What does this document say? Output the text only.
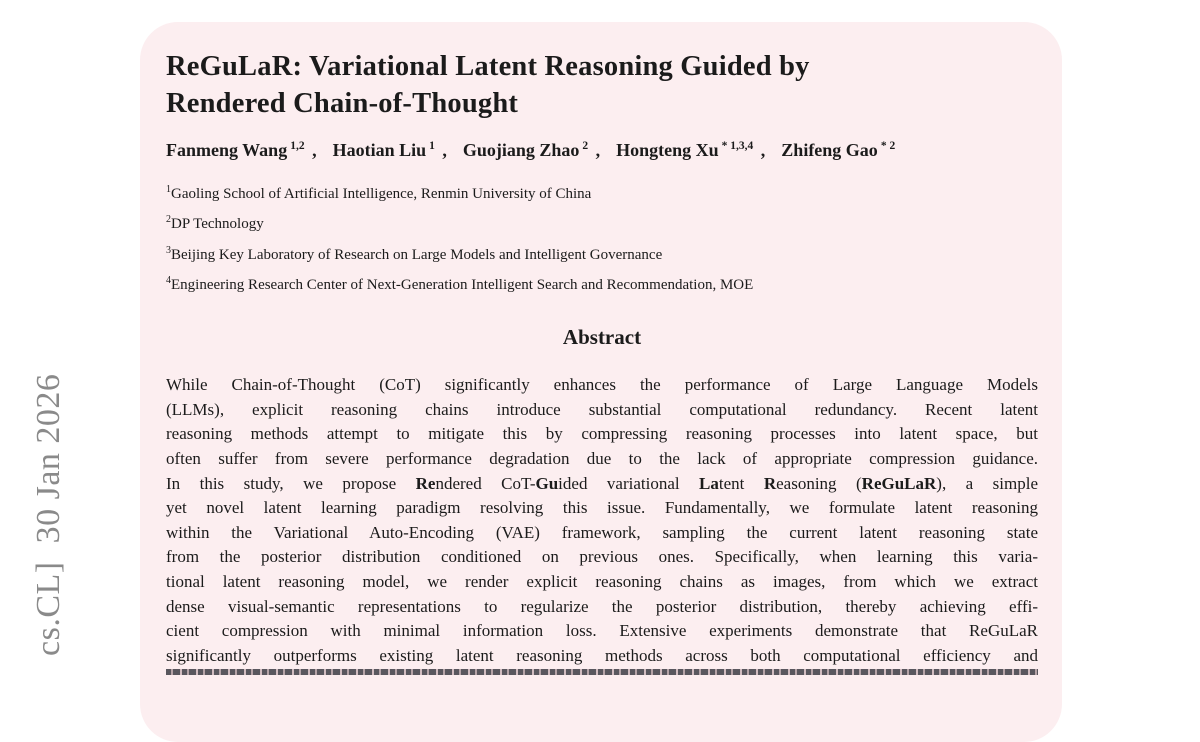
cs.CL]  30 Jan 2026
ReGuLaR: Variational Latent Reasoning Guided by
Rendered Chain-of-Thought
Fanmeng Wang $^{1,2}$ , Haotian Liu $^1$ , Guojiang Zhao $^2$ , Hongteng Xu $^{* 1,3,4}$ , Zhifeng Gao $^{* 2}$
$^1$Gaoling School of Artificial Intelligence, Renmin University of China
$^2$DP Technology
$^3$Beijing Key Laboratory of Research on Large Models and Intelligent Governance
$^4$Engineering Research Center of Next-Generation Intelligent Search and Recommendation, MOE
Abstract
While Chain-of-Thought (CoT) significantly enhances the performance of Large Language Models
(LLMs), explicit reasoning chains introduce substantial computational redundancy. Recent latent
reasoning methods attempt to mitigate this by compressing reasoning processes into latent space, but
often suffer from severe performance degradation due to the lack of appropriate compression guidance.
In this study, we propose Rendered CoT-Guided variational Latent Reasoning (ReGuLaR), a simple
yet novel latent learning paradigm resolving this issue. Fundamentally, we formulate latent reasoning
within the Variational Auto-Encoding (VAE) framework, sampling the current latent reasoning state
from the posterior distribution conditioned on previous ones. Specifically, when learning this varia-
tional latent reasoning model, we render explicit reasoning chains as images, from which we extract
dense visual-semantic representations to regularize the posterior distribution, thereby achieving effi-
cient compression with minimal information loss. Extensive experiments demonstrate that ReGuLaR
significantly outperforms existing latent reasoning methods across both computational efficiency and
